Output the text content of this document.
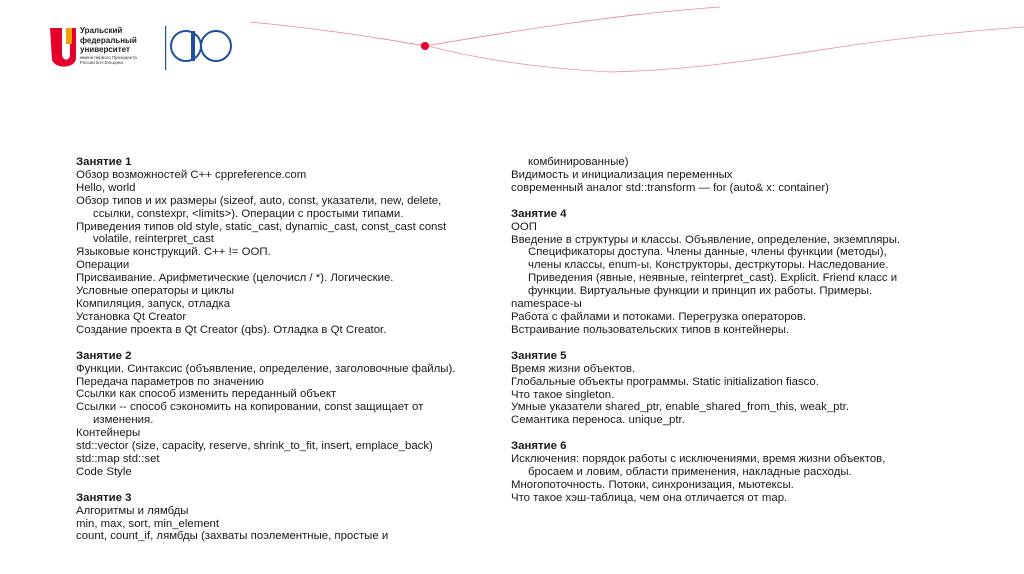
Уральский
федеральный
университет
имени первого Президента
России Б.Н.Ельцина
Занятие 1
Обзор возможностей C++ cppreference.com
Hello, world
Обзор типов и их размеры (sizeof, auto, const, указатели, new, delete,
ссылки, constexpr, <limits>). Операции с простыми типами.
Приведения типов old style, static_cast, dynamic_cast, const_cast const
volatile, reinterpret_cast
Языковые конструкций. C++ != ООП.
Операции
Присваивание. Арифметические (целочисл / *). Логические.
Условные операторы и циклы
Компиляция, запуск, отладка
Установка Qt Creator
Создание проекта в Qt Creator (qbs). Отладка в Qt Creator.
Занятие 2
Функции. Синтаксис (объявление, определение, заголовочные файлы).
Передача параметров по значению
Ссылки как способ изменить переданный объект
Ссылки -- способ сэкономить на копировании, const защищает от
изменения.
Контейнеры
std::vector (size, capacity, reserve, shrink_to_fit, insert, emplace_back)
std::map std::set
Code Style
Занятие 3
Алгоритмы и лямбды
min, max, sort, min_element
count, count_if, лямбды (захваты поэлементные, простые и
комбинированные)
Видимость и инициализация переменных
современный аналог std::transform — for (auto& x: container)
Занятие 4
ООП
Введение в структуры и классы. Объявление, определение, экземпляры.
Спецификаторы доступа. Члены данные, члены функции (методы),
члены классы, enum-ы. Конструкторы, дестркуторы. Наследование.
Приведения (явные, неявные, reinterpret_cast). Explicit. Friend класс и
функции. Виртуальные функции и принцип их работы. Примеры.
namespace-ы
Работа с файлами и потоками. Перегрузка операторов.
Встраивание пользовательских типов в контейнеры.
Занятие 5
Время жизни объектов.
Глобальные объекты программы. Static initialization fiasco.
Что такое singleton.
Умные указатели shared_ptr, enable_shared_from_this, weak_ptr.
Семантика переноса. unique_ptr.
Занятие 6
Исключения: порядок работы с исключениями, время жизни объектов,
бросаем и ловим, области применения, накладные расходы.
Многопоточность. Потоки, синхронизация, мьютексы.
Что такое хэш-таблица, чем она отличается от map.
